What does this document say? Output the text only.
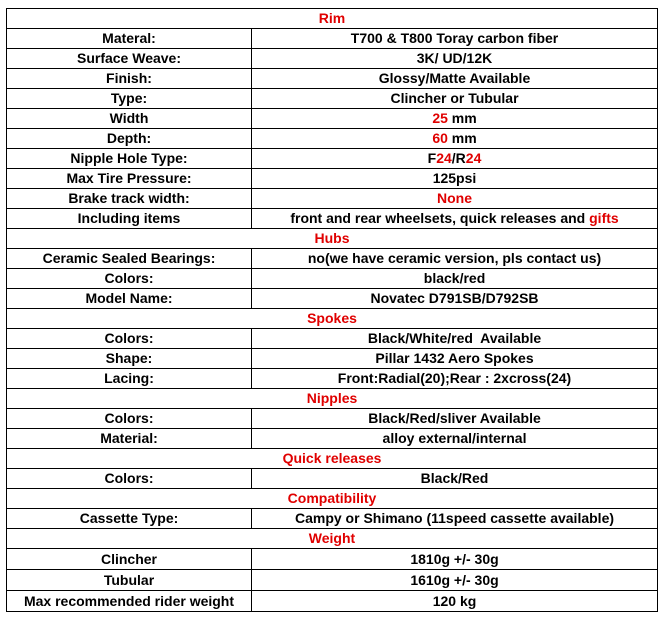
Rim	
Materal:	T700 & T800 Toray carbon fiber
Surface Weave:	3K/ UD/12K
Finish:	Glossy/Matte Available
Type:	Clincher or Tubular
Width	25 mm
Depth:	60 mm
Nipple Hole Type:	F24/R24
Max Tire Pressure:	125psi
Brake track width:	None
Including items	front and rear wheelsets, quick releases and gifts
Hubs	
Ceramic Sealed Bearings:	no(we have ceramic version, pls contact us)
Colors:	black/red
Model Name:	Novatec D791SB/D792SB
Spokes	
Colors:	Black/White/red  Available
Shape:	Pillar 1432 Aero Spokes
Lacing:	Front:Radial(20);Rear : 2xcross(24)
Nipples	
Colors:	Black/Red/sliver Available
Material:	alloy external/internal
Quick releases	
Colors:	Black/Red
Compatibility	
Cassette Type:	Campy or Shimano (11speed cassette available)
Weight	
Clincher	1810g +/- 30g
Tubular	1610g +/- 30g
Max recommended rider weight	120 kg
